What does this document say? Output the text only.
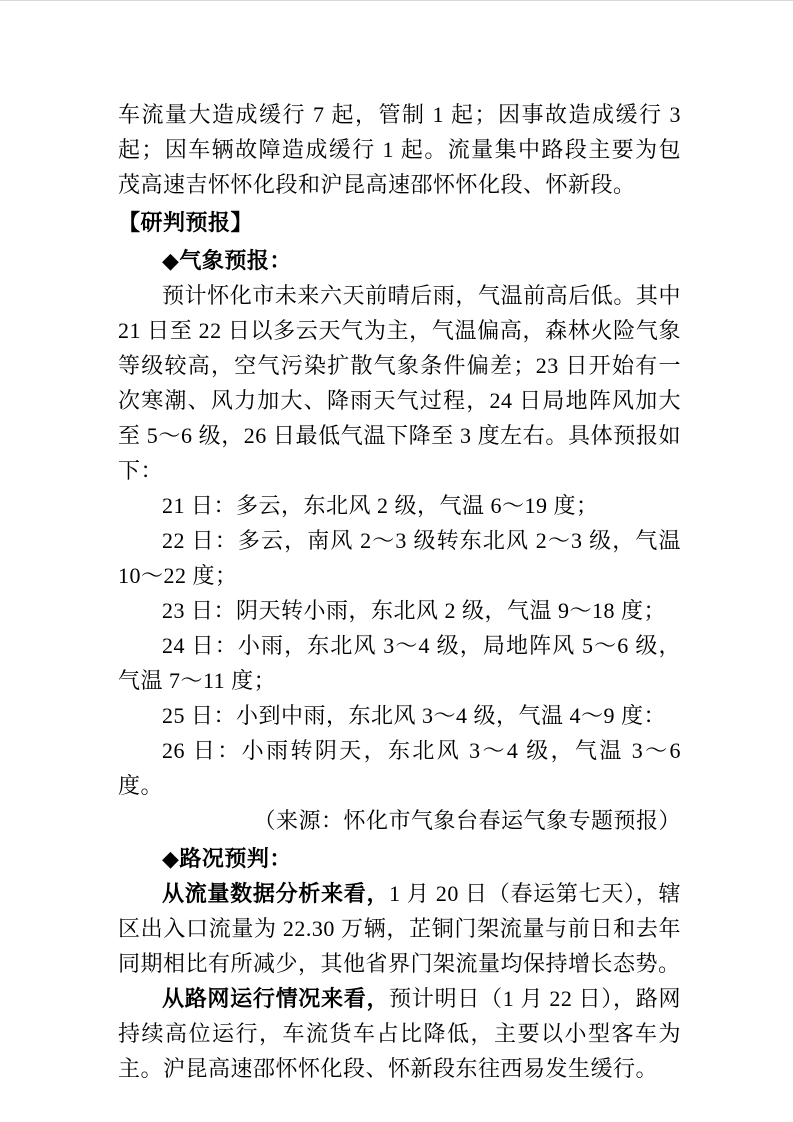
车流量大造成缓行 7 起，管制 1 起；因事故造成缓行 3 起；因车辆故障造成缓行 1 起。流量集中路段主要为包茂高速吉怀怀化段和沪昆高速邵怀怀化段、怀新段。

【研判预报】

◆气象预报：

预计怀化市未来六天前晴后雨，气温前高后低。其中 21 日至 22 日以多云天气为主，气温偏高，森林火险气象等级较高，空气污染扩散气象条件偏差；23 日开始有一次寒潮、风力加大、降雨天气过程，24 日局地阵风加大至 5～6 级，26 日最低气温下降至 3 度左右。具体预报如下：

21 日：多云，东北风 2 级，气温 6～19 度；

22 日：多云，南风 2～3 级转东北风 2～3 级，气温 10～22 度；

23 日：阴天转小雨，东北风 2 级，气温 9～18 度；

24 日：小雨，东北风 3～4 级，局地阵风 5～6 级，气温 7～11 度；

25 日：小到中雨，东北风 3～4 级，气温 4～9 度：

26 日：小雨转阴天，东北风 3～4 级，气温 3～6 度。

（来源：怀化市气象台春运气象专题预报）

◆路况预判：

从流量数据分析来看，1 月 20 日（春运第七天），辖区出入口流量为 22.30 万辆，芷铜门架流量与前日和去年同期相比有所减少，其他省界门架流量均保持增长态势。

从路网运行情况来看，预计明日（1 月 22 日），路网持续高位运行，车流货车占比降低，主要以小型客车为主。沪昆高速邵怀怀化段、怀新段东往西易发生缓行。
